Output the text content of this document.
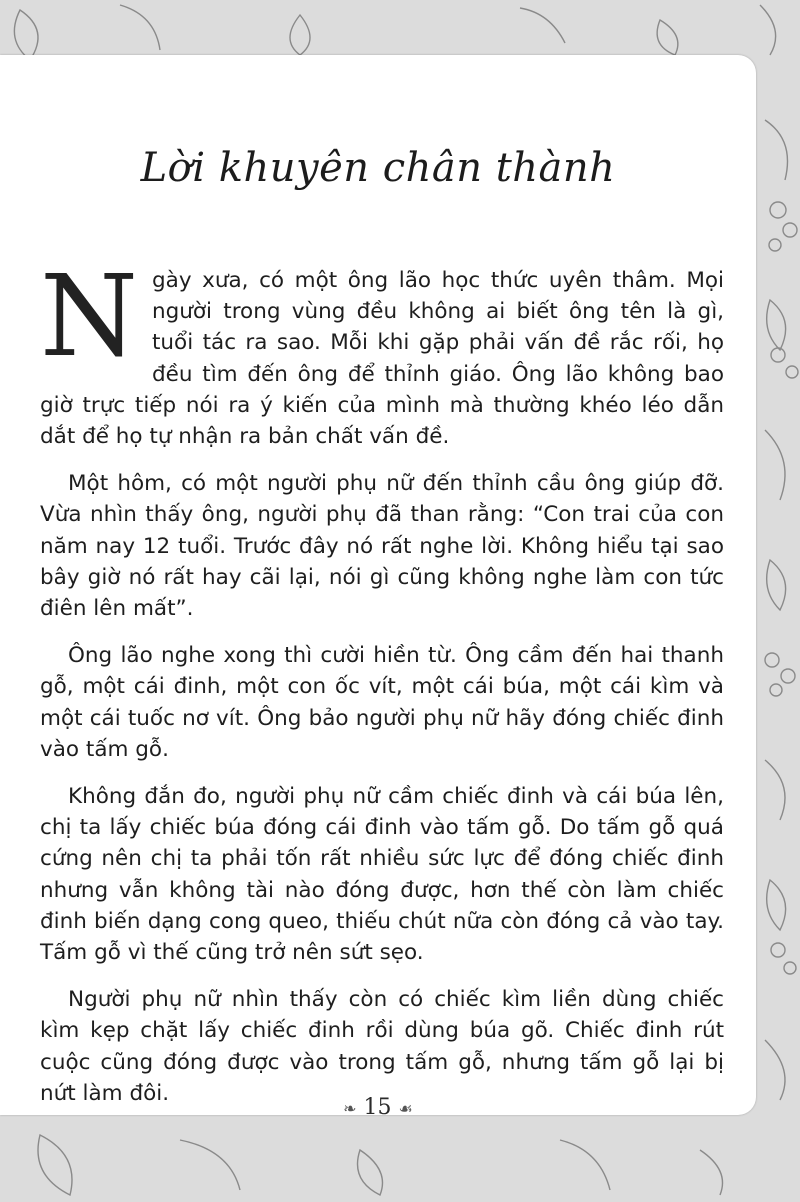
Lời khuyên chân thành

Ngày xưa, có một ông lão học thức uyên thâm. Mọi người trong vùng đều không ai biết ông tên là gì, tuổi tác ra sao. Mỗi khi gặp phải vấn đề rắc rối, họ đều tìm đến ông để thỉnh giáo. Ông lão không bao giờ trực tiếp nói ra ý kiến của mình mà thường khéo léo dẫn dắt để họ tự nhận ra bản chất vấn đề.

Một hôm, có một người phụ nữ đến thỉnh cầu ông giúp đỡ. Vừa nhìn thấy ông, người phụ đã than rằng: “Con trai của con năm nay 12 tuổi. Trước đây nó rất nghe lời. Không hiểu tại sao bây giờ nó rất hay cãi lại, nói gì cũng không nghe làm con tức điên lên mất”.

Ông lão nghe xong thì cười hiền từ. Ông cầm đến hai thanh gỗ, một cái đinh, một con ốc vít, một cái búa, một cái kìm và một cái tuốc nơ vít. Ông bảo người phụ nữ hãy đóng chiếc đinh vào tấm gỗ.

Không đắn đo, người phụ nữ cầm chiếc đinh và cái búa lên, chị ta lấy chiếc búa đóng cái đinh vào tấm gỗ. Do tấm gỗ quá cứng nên chị ta phải tốn rất nhiều sức lực để đóng chiếc đinh nhưng vẫn không tài nào đóng được, hơn thế còn làm chiếc đinh biến dạng cong queo, thiếu chút nữa còn đóng cả vào tay. Tấm gỗ vì thế cũng trở nên sứt sẹo.

Người phụ nữ nhìn thấy còn có chiếc kìm liền dùng chiếc kìm kẹp chặt lấy chiếc đinh rồi dùng búa gõ. Chiếc đinh rút cuộc cũng đóng được vào trong tấm gỗ, nhưng tấm gỗ lại bị nứt làm đôi.

❧ 15 ☙
